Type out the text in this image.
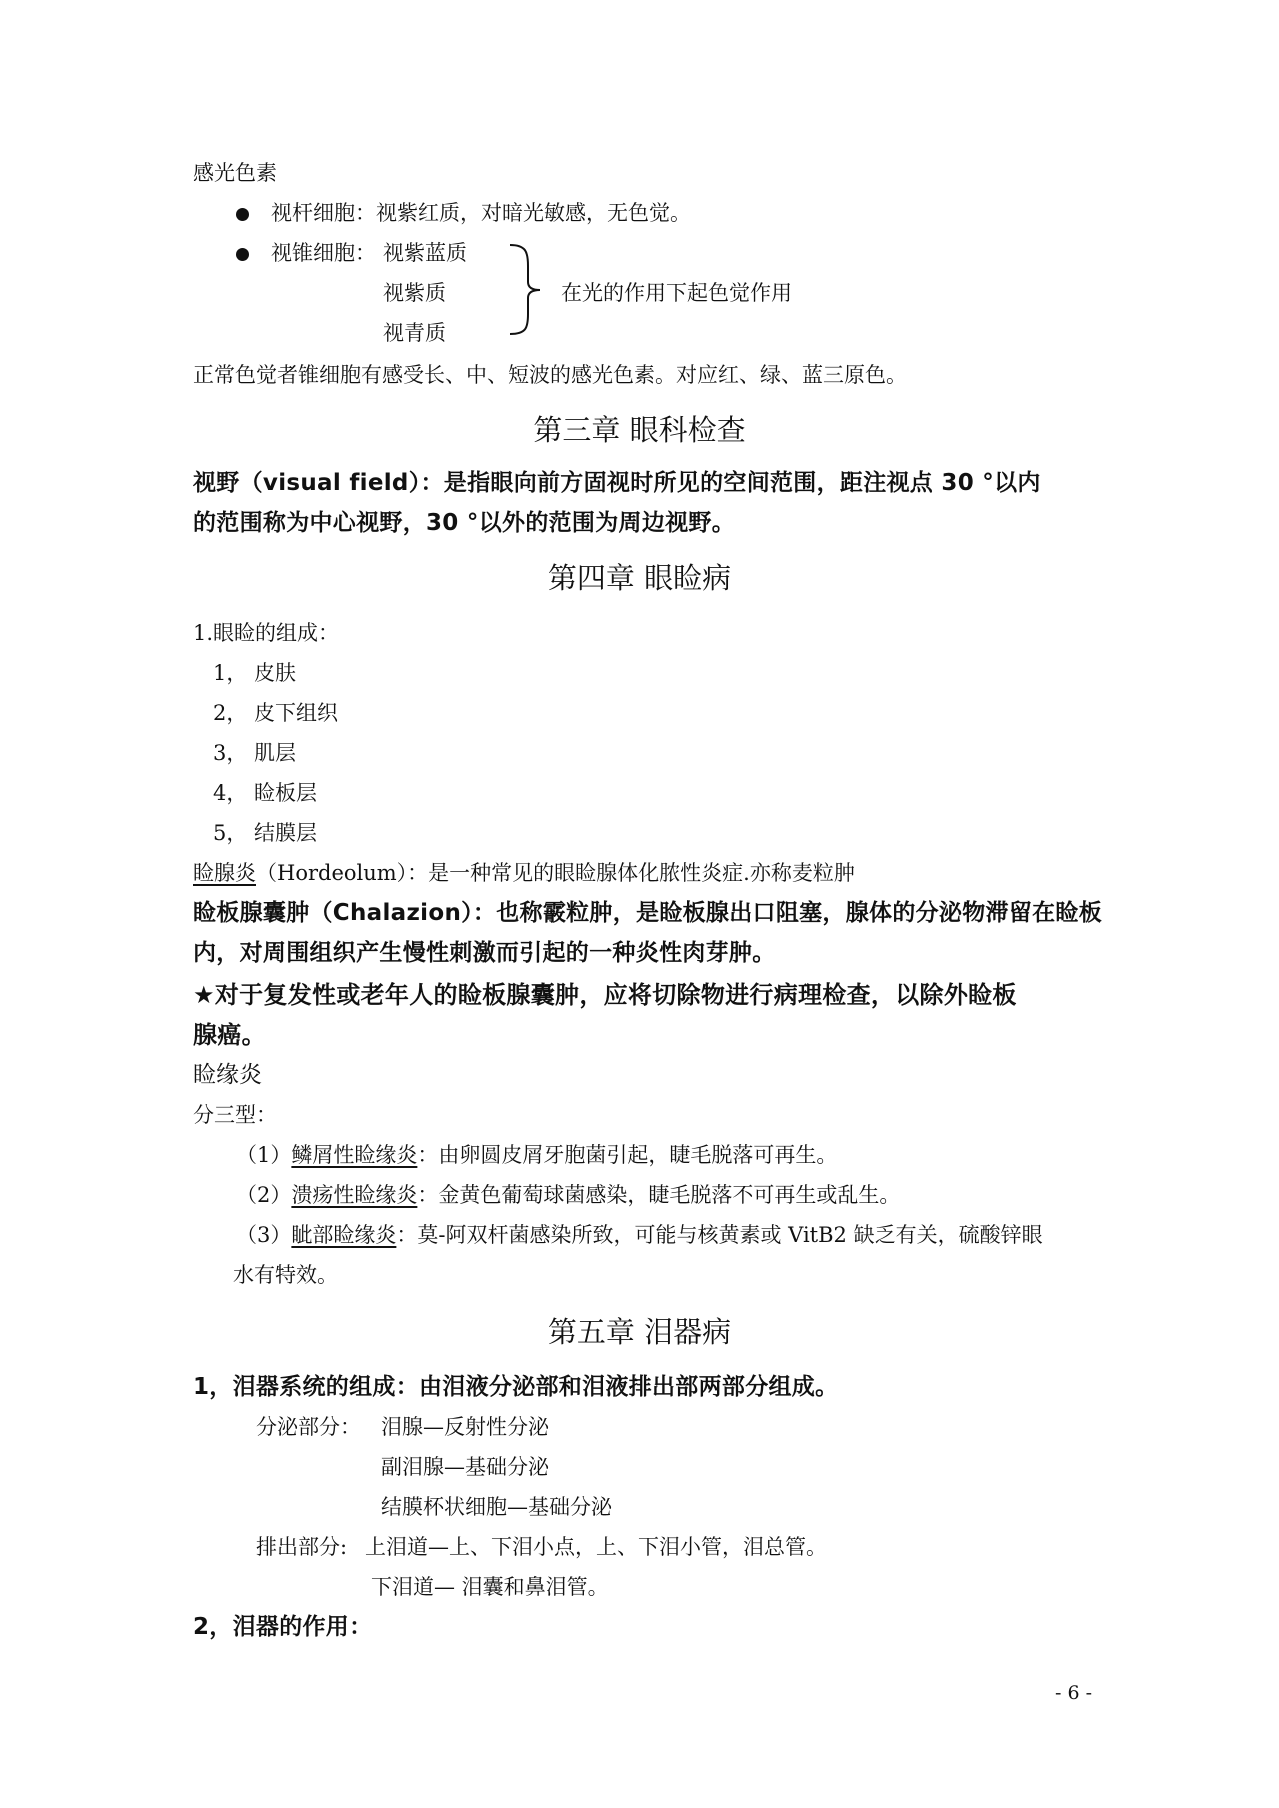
感光色素
视杆细胞：视紫红质，对暗光敏感，无色觉。
视锥细胞： 视紫蓝质
视紫质
视青质
在光的作用下起色觉作用
正常色觉者锥细胞有感受长、中、短波的感光色素。对应红、绿、蓝三原色。
第三章 眼科检查
视野（visual field）：是指眼向前方固视时所见的空间范围，距注视点 30 °以内
的范围称为中心视野，30 °以外的范围为周边视野。
第四章 眼睑病
1.眼睑的组成：
1， 皮肤
2， 皮下组织
3， 肌层
4， 睑板层
5， 结膜层
睑腺炎（Hordeolum）：是一种常见的眼睑腺体化脓性炎症.亦称麦粒肿
睑板腺囊肿（Chalazion）：也称霰粒肿，是睑板腺出口阻塞，腺体的分泌物滞留在睑板
内，对周围组织产生慢性刺激而引起的一种炎性肉芽肿。
★对于复发性或老年人的睑板腺囊肿，应将切除物进行病理检查，以除外睑板
腺癌。
睑缘炎
分三型：
（1）鳞屑性睑缘炎：由卵圆皮屑牙胞菌引起，睫毛脱落可再生。
（2）溃疡性睑缘炎：金黄色葡萄球菌感染，睫毛脱落不可再生或乱生。
（3）眦部睑缘炎：莫-阿双杆菌感染所致，可能与核黄素或 VitB2 缺乏有关，硫酸锌眼
水有特效。
第五章 泪器病
1，泪器系统的组成：由泪液分泌部和泪液排出部两部分组成。
分泌部分： 泪腺—反射性分泌
副泪腺—基础分泌
结膜杯状细胞—基础分泌
排出部分: 上泪道—上、下泪小点，上、下泪小管，泪总管。
下泪道— 泪囊和鼻泪管。
2，泪器的作用：
- 6 -
